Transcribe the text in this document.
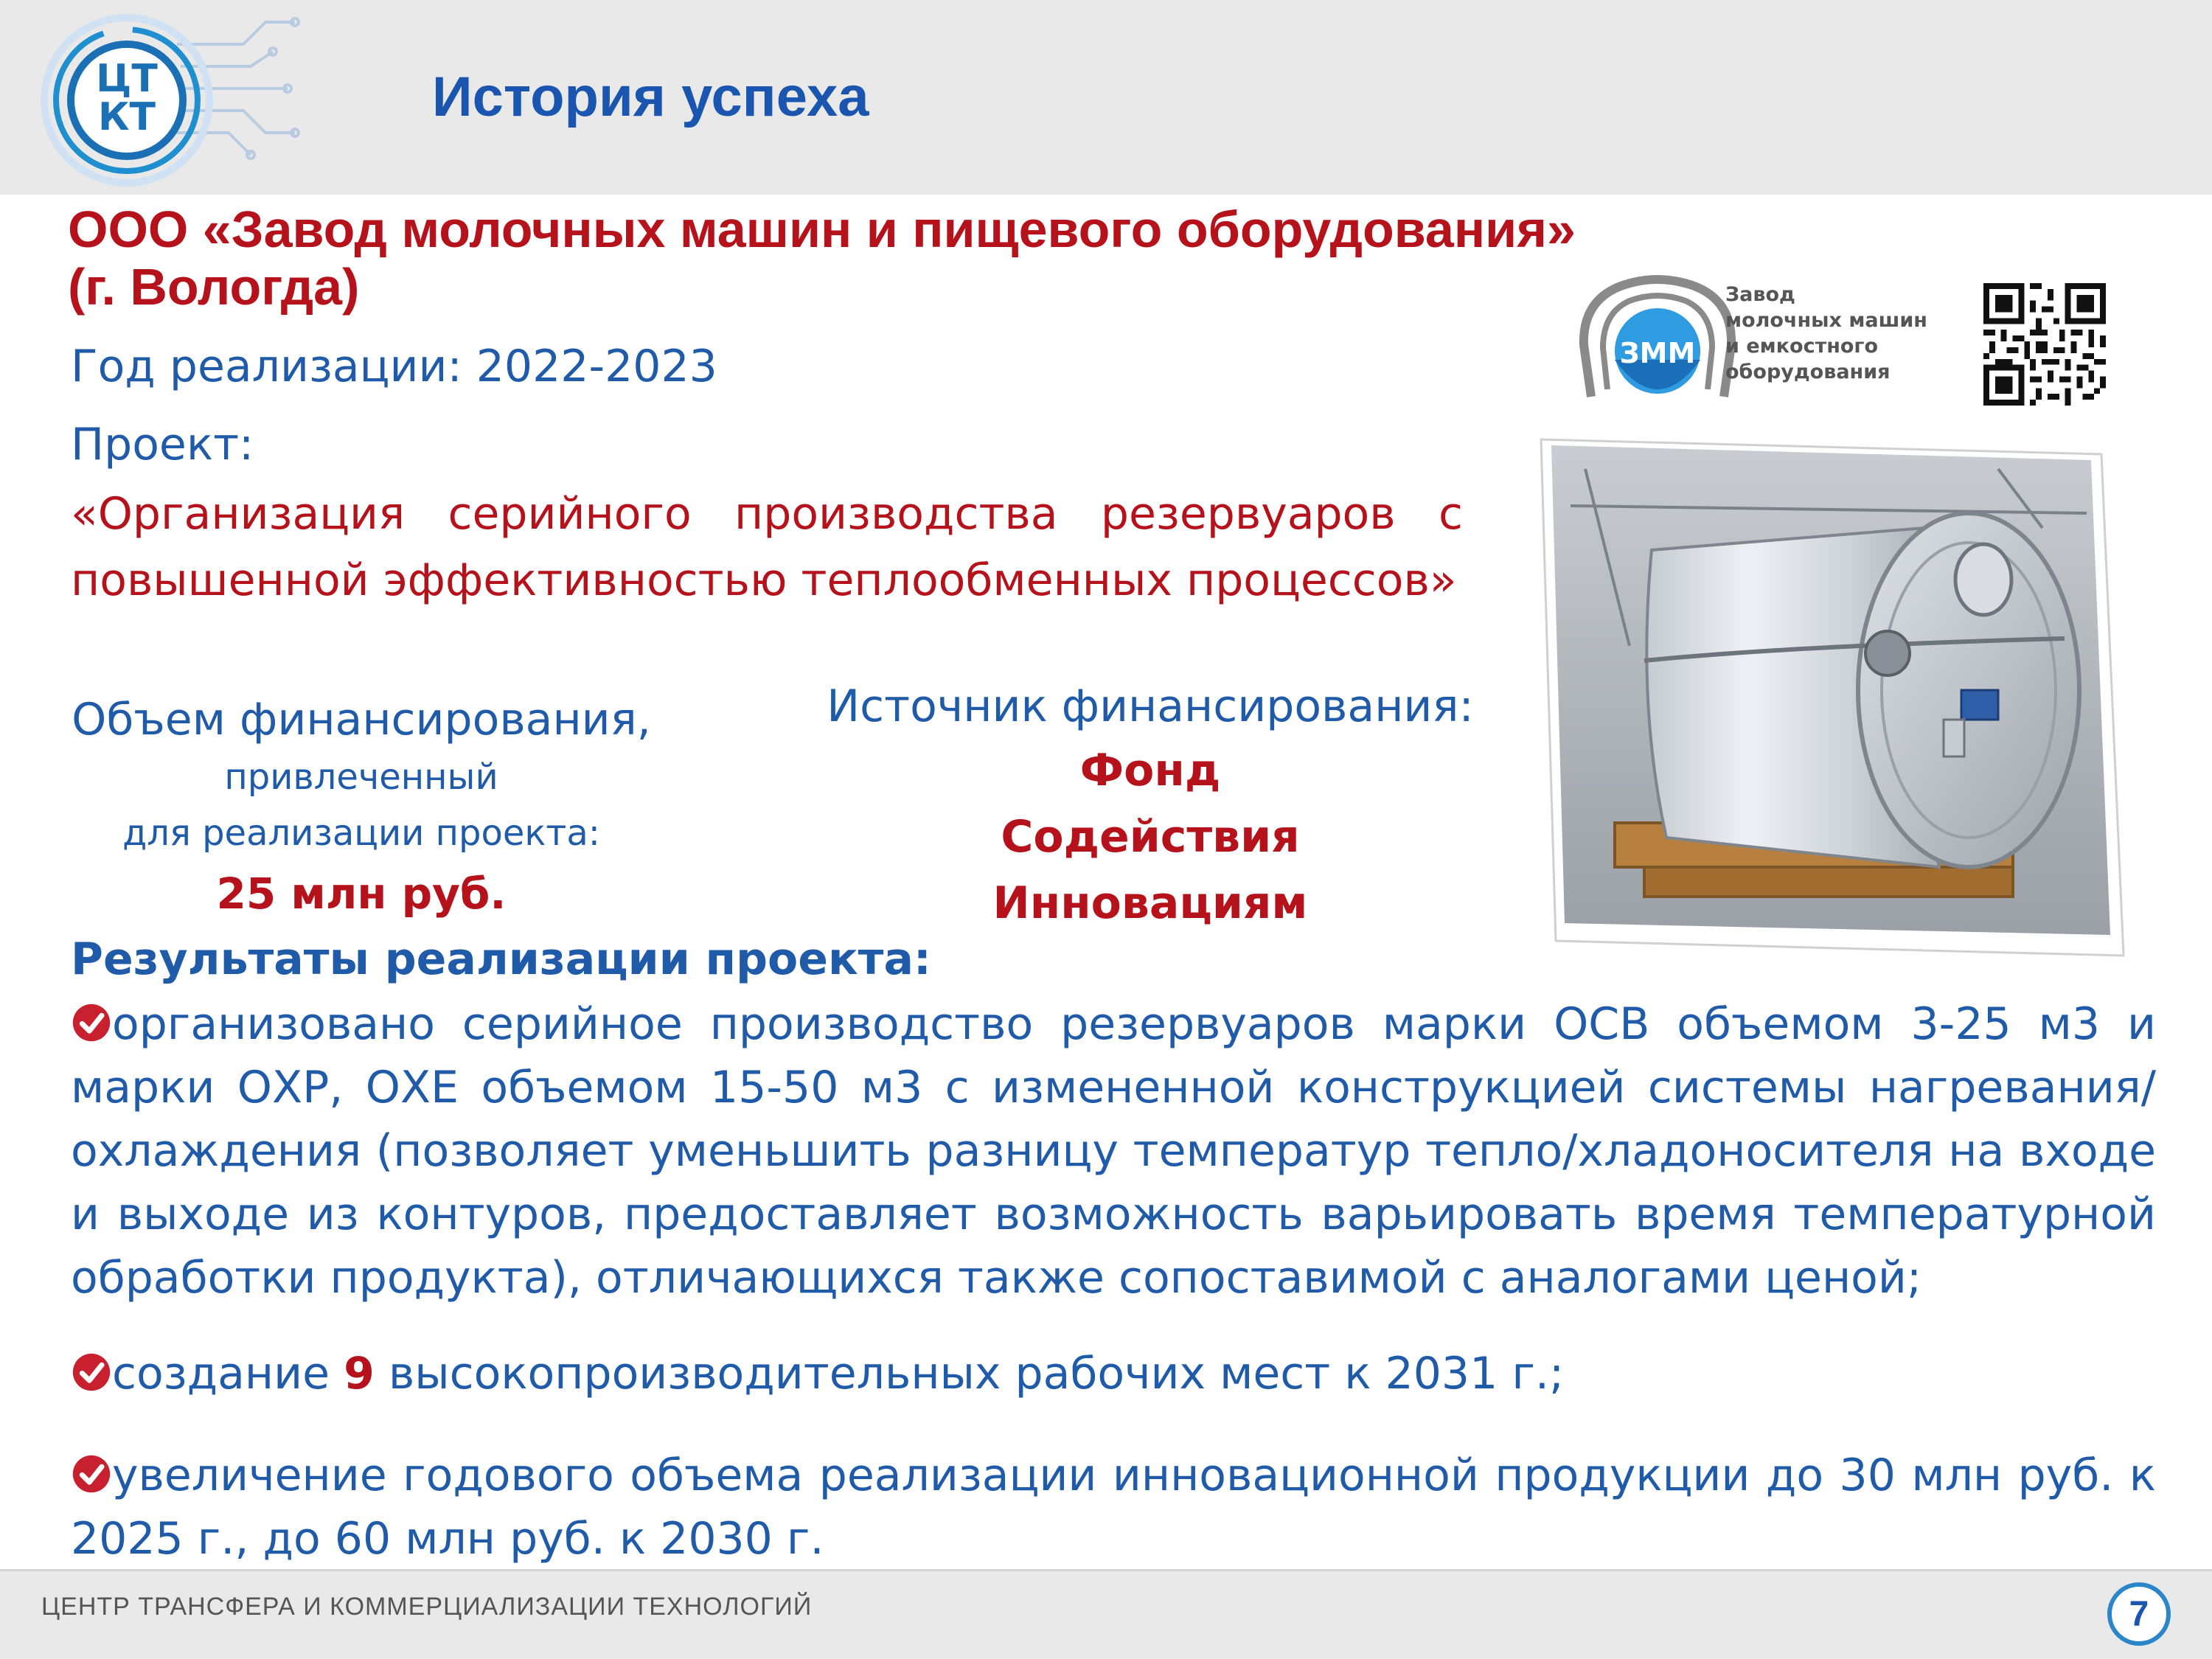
ЦТ
КТ	История успеха
ООО «Завод молочных машин и пищевого оборудования»
(г. Вологда)
ЗММ
Завод
молочных машин
и емкостного
оборудования
Год реализации: 2022-2023
Проект:
«Организация серийного производства резервуаров с повышенной эффективностью теплообменных процессов»
Объем финансирования,
привлеченный
для реализации проекта:
25 млн руб.
Источник финансирования:
Фонд
Содействия
Инновациям
Результаты реализации проекта:
организовано серийное производство резервуаров марки ОСВ объемом 3-25 м3 и марки ОХР, ОХЕ объемом 15-50 м3 с измененной конструкцией системы нагревания/охлаждения (позволяет уменьшить разницу температур тепло/хладоносителя на входе и выходе из контуров, предоставляет возможность варьировать время температурной обработки продукта), отличающихся также сопоставимой с аналогами ценой;
создание 9 высокопроизводительных рабочих мест к 2031 г.;
увеличение годового объема реализации инновационной продукции до 30 млн руб. к 2025 г., до 60 млн руб. к 2030 г.
ЦЕНТР ТРАНСФЕРА И КОММЕРЦИАЛИЗАЦИИ ТЕХНОЛОГИЙ	7
